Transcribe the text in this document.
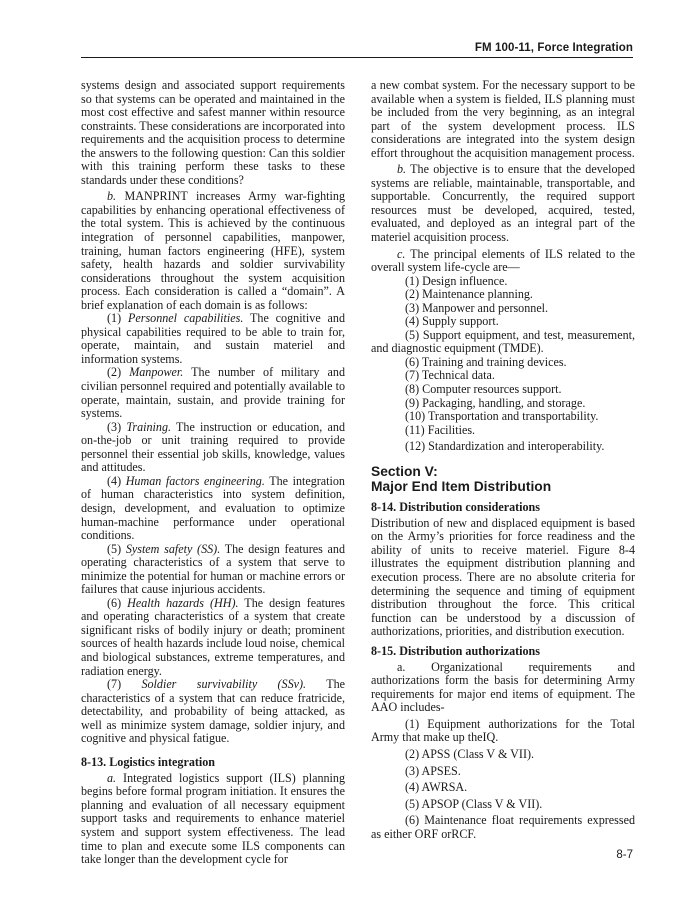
FM 100-11, Force Integration

systems design and associated support requirements so that systems can be operated and maintained in the most cost effective and safest manner within resource constraints. These considerations are incorporated into requirements and the acquisition process to determine the answers to the following question: Can this soldier with this training perform these tasks to these standards under these conditions?

b. MANPRINT increases Army war-fighting capabilities by enhancing operational effectiveness of the total system. This is achieved by the continuous integration of personnel capabilities, manpower, training, human factors engineering (HFE), system safety, health hazards and soldier survivability considerations throughout the system acquisition process. Each consideration is called a “domain”. A brief explanation of each domain is as follows:

(1) Personnel capabilities. The cognitive and physical capabilities required to be able to train for, operate, maintain, and sustain materiel and information systems.

(2) Manpower. The number of military and civilian personnel required and potentially available to operate, maintain, sustain, and provide training for systems.

(3) Training. The instruction or education, and on-the-job or unit training required to provide personnel their essential job skills, knowledge, values and attitudes.

(4) Human factors engineering. The integration of human characteristics into system definition, design, development, and evaluation to optimize human-machine performance under operational conditions.

(5) System safety (SS). The design features and operating characteristics of a system that serve to minimize the potential for human or machine errors or failures that cause injurious accidents.

(6) Health hazards (HH). The design features and operating characteristics of a system that create significant risks of bodily injury or death; prominent sources of health hazards include loud noise, chemical and biological substances, extreme temperatures, and radiation energy.

(7) Soldier survivability (SSv). The characteristics of a system that can reduce fratricide, detectability, and probability of being attacked, as well as minimize system damage, soldier injury, and cognitive and physical fatigue.

8-13. Logistics integration

a. Integrated logistics support (ILS) planning begins before formal program initiation. It ensures the planning and evaluation of all necessary equipment support tasks and requirements to enhance materiel system and support system effectiveness. The lead time to plan and execute some ILS components can take longer than the development cycle for

a new combat system. For the necessary support to be available when a system is fielded, ILS planning must be included from the very beginning, as an integral part of the system development process. ILS considerations are integrated into the system design effort throughout the acquisition management process.

b. The objective is to ensure that the developed systems are reliable, maintainable, transportable, and supportable. Concurrently, the required support resources must be developed, acquired, tested, evaluated, and deployed as an integral part of the materiel acquisition process.

c. The principal elements of ILS related to the overall system life-cycle are—

(1) Design influence.

(2) Maintenance planning.

(3) Manpower and personnel.

(4) Supply support.

(5) Support equipment, and test, measurement, and diagnostic equipment (TMDE).

(6) Training and training devices.

(7) Technical data.

(8) Computer resources support.

(9) Packaging, handling, and storage.

(10) Transportation and transportability.

(11) Facilities.

(12) Standardization and interoperability.

Section V:
Major End Item Distribution
8-14. Distribution considerations

Distribution of new and displaced equipment is based on the Army’s priorities for force readiness and the ability of units to receive materiel. Figure 8-4 illustrates the equipment distribution planning and execution process. There are no absolute criteria for determining the sequence and timing of equipment distribution throughout the force. This critical function can be understood by a discussion of authorizations, priorities, and distribution execution.

8-15. Distribution authorizations

a. Organizational requirements and authorizations form the basis for determining Army requirements for major end items of equipment. The AAO includes-

(1) Equipment authorizations for the Total Army that make up theIQ.

(2) APSS (Class V & VII).

(3) APSES.

(4) AWRSA.

(5) APSOP (Class V & VII).

(6) Maintenance float requirements expressed as either ORF orRCF.

8-7
